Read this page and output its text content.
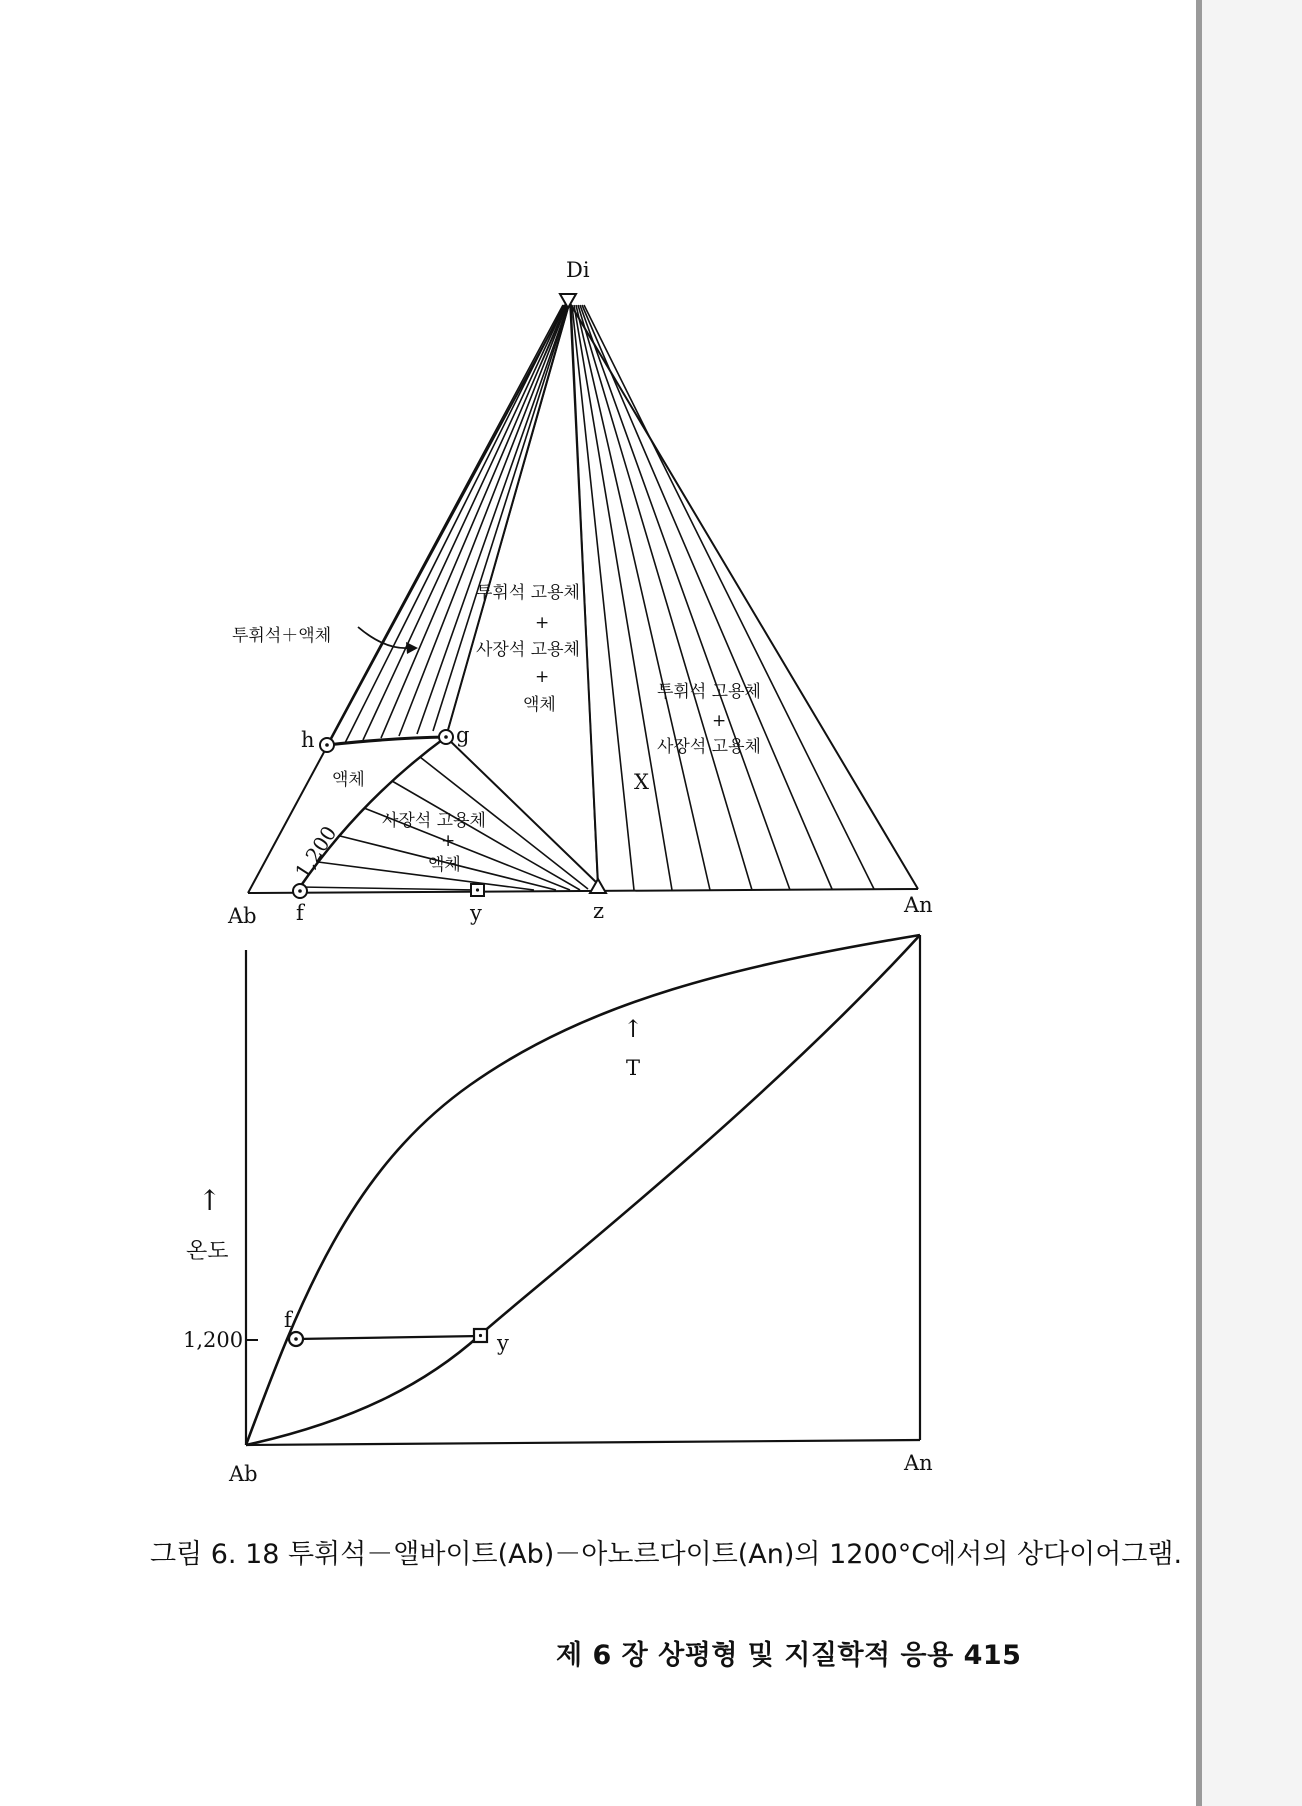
Di
Ab	An
h	g
f	y	z
X
1,200
투휘석＋액체
투휘석 고용체
+
사장석 고용체
+
액체
투휘석 고용체
+
사장석 고용체
액체
사장석 고용체
+
액체
Ab	An
↑
온도
1,200
f
y
↑
T
그림 6. 18 투휘석－앨바이트(Ab)－아노르다이트(An)의 1200°C에서의 상다이어그램.
제 6 장 상평형 및 지질학적 응용 415
